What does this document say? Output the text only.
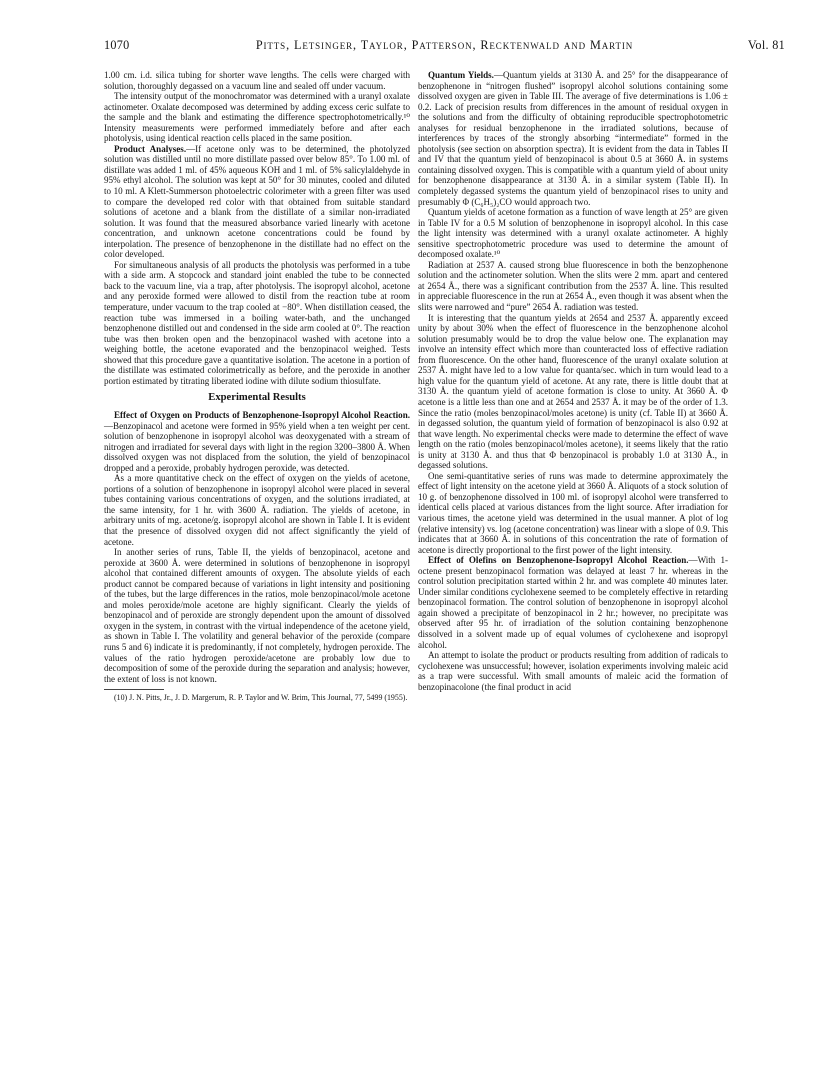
1070	Pitts, Letsinger, Taylor, Patterson, Recktenwald and Martin	Vol. 81

1.00 cm. i.d. silica tubing for shorter wave lengths. The cells were charged with solution, thoroughly degassed on a vacuum line and sealed off under vacuum.

The intensity output of the monochromator was determined with a uranyl oxalate actinometer. Oxalate decomposed was determined by adding excess ceric sulfate to the sample and the blank and estimating the difference spectrophotometrically.¹⁰ Intensity measurements were performed immediately before and after each photolysis, using identical reaction cells placed in the same position.

Product Analyses.—If acetone only was to be determined, the photolyzed solution was distilled until no more distillate passed over below 85°. To 1.00 ml. of distillate was added 1 ml. of 45% aqueous KOH and 1 ml. of 5% salicylaldehyde in 95% ethyl alcohol. The solution was kept at 50° for 30 minutes, cooled and diluted to 10 ml. A Klett-Summerson photoelectric colorimeter with a green filter was used to compare the developed red color with that obtained from suitable standard solutions of acetone and a blank from the distillate of a similar non-irradiated solution. It was found that the measured absorbance varied linearly with acetone concentration, and unknown acetone concentrations could be found by interpolation. The presence of benzophenone in the distillate had no effect on the color developed.

For simultaneous analysis of all products the photolysis was performed in a tube with a side arm. A stopcock and standard joint enabled the tube to be connected back to the vacuum line, via a trap, after photolysis. The isopropyl alcohol, acetone and any peroxide formed were allowed to distil from the reaction tube at room temperature, under vacuum to the trap cooled at −80°. When distillation ceased, the reaction tube was immersed in a boiling water-bath, and the unchanged benzophenone distilled out and condensed in the side arm cooled at 0°. The reaction tube was then broken open and the benzopinacol washed with acetone into a weighing bottle, the acetone evaporated and the benzopinacol weighed. Tests showed that this procedure gave a quantitative isolation. The acetone in a portion of the distillate was estimated colorimetrically as before, and the peroxide in another portion estimated by titrating liberated iodine with dilute sodium thiosulfate.

Experimental Results

Effect of Oxygen on Products of Benzophenone-Isopropyl Alcohol Reaction.—Benzopinacol and acetone were formed in 95% yield when a ten weight per cent. solution of benzophenone in isopropyl alcohol was deoxygenated with a stream of nitrogen and irradiated for several days with light in the region 3200–3800 Å. When dissolved oxygen was not displaced from the solution, the yield of benzopinacol dropped and a peroxide, probably hydrogen peroxide, was detected.

As a more quantitative check on the effect of oxygen on the yields of acetone, portions of a solution of benzophenone in isopropyl alcohol were placed in several tubes containing various concentrations of oxygen, and the solutions irradiated, at the same intensity, for 1 hr. with 3600 Å. radiation. The yields of acetone, in arbitrary units of mg. acetone/g. isopropyl alcohol are shown in Table I. It is evident that the presence of dissolved oxygen did not affect significantly the yield of acetone.

In another series of runs, Table II, the yields of benzopinacol, acetone and peroxide at 3600 Å. were determined in solutions of benzophenone in isopropyl alcohol that contained different amounts of oxygen. The absolute yields of each product cannot be compared because of variations in light intensity and positioning of the tubes, but the large differences in the ratios, mole benzopinacol/mole acetone and moles peroxide/mole acetone are highly significant. Clearly the yields of benzopinacol and of peroxide are strongly dependent upon the amount of dissolved oxygen in the system, in contrast with the virtual independence of the acetone yield, as shown in Table I. The volatility and general behavior of the peroxide (compare runs 5 and 6) indicate it is predominantly, if not completely, hydrogen peroxide. The values of the ratio hydrogen peroxide/acetone are probably low due to decomposition of some of the peroxide during the separation and analysis; however, the extent of loss is not known.

(10) J. N. Pitts, Jr., J. D. Margerum, R. P. Taylor and W. Brim, This Journal, 77, 5499 (1955).

Quantum Yields.—Quantum yields at 3130 Å. and 25° for the disappearance of benzophenone in “nitrogen flushed” isopropyl alcohol solutions containing some dissolved oxygen are given in Table III. The average of five determinations is 1.06 ± 0.2. Lack of precision results from differences in the amount of residual oxygen in the solutions and from the difficulty of obtaining reproducible spectrophotometric analyses for residual benzophenone in the irradiated solutions, because of interferences by traces of the strongly absorbing “intermediate” formed in the photolysis (see section on absorption spectra). It is evident from the data in Tables II and IV that the quantum yield of benzopinacol is about 0.5 at 3660 Å. in systems containing dissolved oxygen. This is compatible with a quantum yield of about unity for benzophenone disappearance at 3130 Å. in a similar system (Table II). In completely degassed systems the quantum yield of benzopinacol rises to unity and presumably Φ (C₆H₅)₂CO would approach two.

Quantum yields of acetone formation as a function of wave length at 25° are given in Table IV for a 0.5 M solution of benzophenone in isopropyl alcohol. In this case the light intensity was determined with a uranyl oxalate actinometer. A highly sensitive spectrophotometric procedure was used to determine the amount of decomposed oxalate.¹⁰

Radiation at 2537 A. caused strong blue fluorescence in both the benzophenone solution and the actinometer solution. When the slits were 2 mm. apart and centered at 2654 Å., there was a significant contribution from the 2537 Å. line. This resulted in appreciable fluorescence in the run at 2654 Å., even though it was absent when the slits were narrowed and “pure” 2654 Å. radiation was tested.

It is interesting that the quantum yields at 2654 and 2537 Å. apparently exceed unity by about 30% when the effect of fluorescence in the benzophenone alcohol solution presumably would be to drop the value below one. The explanation may involve an intensity effect which more than counteracted loss of effective radiation from fluorescence. On the other hand, fluorescence of the uranyl oxalate solution at 2537 Å. might have led to a low value for quanta/sec. which in turn would lead to a high value for the quantum yield of acetone. At any rate, there is little doubt that at 3130 Å. the quantum yield of acetone formation is close to unity. At 3660 Å. Φ acetone is a little less than one and at 2654 and 2537 Å. it may be of the order of 1.3. Since the ratio (moles benzopinacol/moles acetone) is unity (cf. Table II) at 3660 Å. in degassed solution, the quantum yield of formation of benzopinacol is also 0.92 at that wave length. No experimental checks were made to determine the effect of wave length on the ratio (moles benzopinacol/moles acetone), it seems likely that the ratio is unity at 3130 Å. and thus that Φ benzopinacol is probably 1.0 at 3130 Å., in degassed solutions.

One semi-quantitative series of runs was made to determine approximately the effect of light intensity on the acetone yield at 3660 Å. Aliquots of a stock solution of 10 g. of benzophenone dissolved in 100 ml. of isopropyl alcohol were transferred to identical cells placed at various distances from the light source. After irradiation for various times, the acetone yield was determined in the usual manner. A plot of log (relative intensity) vs. log (acetone concentration) was linear with a slope of 0.9. This indicates that at 3660 Å. in solutions of this concentration the rate of formation of acetone is directly proportional to the first power of the light intensity.

Effect of Olefins on Benzophenone-Isopropyl Alcohol Reaction.—With 1-octene present benzopinacol formation was delayed at least 7 hr. whereas in the control solution precipitation started within 2 hr. and was complete 40 minutes later. Under similar conditions cyclohexene seemed to be completely effective in retarding benzopinacol formation. The control solution of benzophenone in isopropyl alcohol again showed a precipitate of benzopinacol in 2 hr.; however, no precipitate was observed after 95 hr. of irradiation of the solution containing benzophenone dissolved in a solvent made up of equal volumes of cyclohexene and isopropyl alcohol.

An attempt to isolate the product or products resulting from addition of radicals to cyclohexene was unsuccessful; however, isolation experiments involving maleic acid as a trap were successful. With small amounts of maleic acid the formation of benzopinacolone (the final product in acid
